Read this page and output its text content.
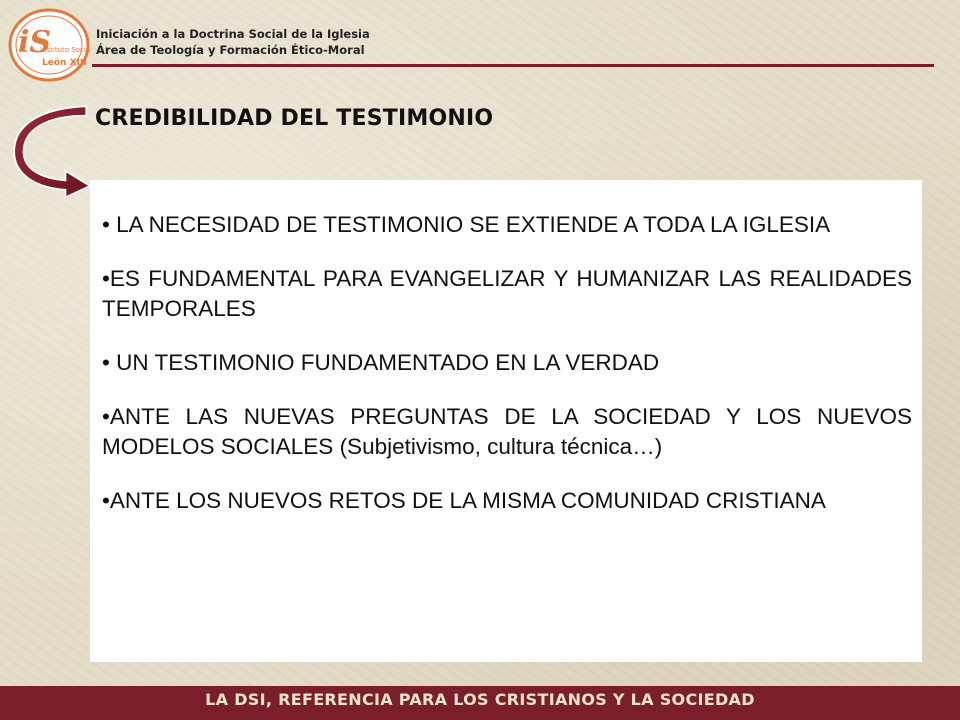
iS
Instituto Social
León XIII
Iniciación a la Doctrina Social de la Iglesia
Área de Teología y Formación Ético-Moral
CREDIBILIDAD DEL TESTIMONIO

• LA NECESIDAD DE TESTIMONIO SE EXTIENDE A TODA LA IGLESIA

•ES FUNDAMENTAL PARA EVANGELIZAR Y HUMANIZAR LAS REALIDADES TEMPORALES

• UN TESTIMONIO FUNDAMENTADO EN LA VERDAD

•ANTE LAS NUEVAS PREGUNTAS DE LA SOCIEDAD Y LOS NUEVOS MODELOS SOCIALES (Subjetivismo, cultura técnica…)

•ANTE LOS NUEVOS RETOS DE LA MISMA COMUNIDAD CRISTIANA

LA DSI, REFERENCIA PARA LOS CRISTIANOS Y LA SOCIEDAD
